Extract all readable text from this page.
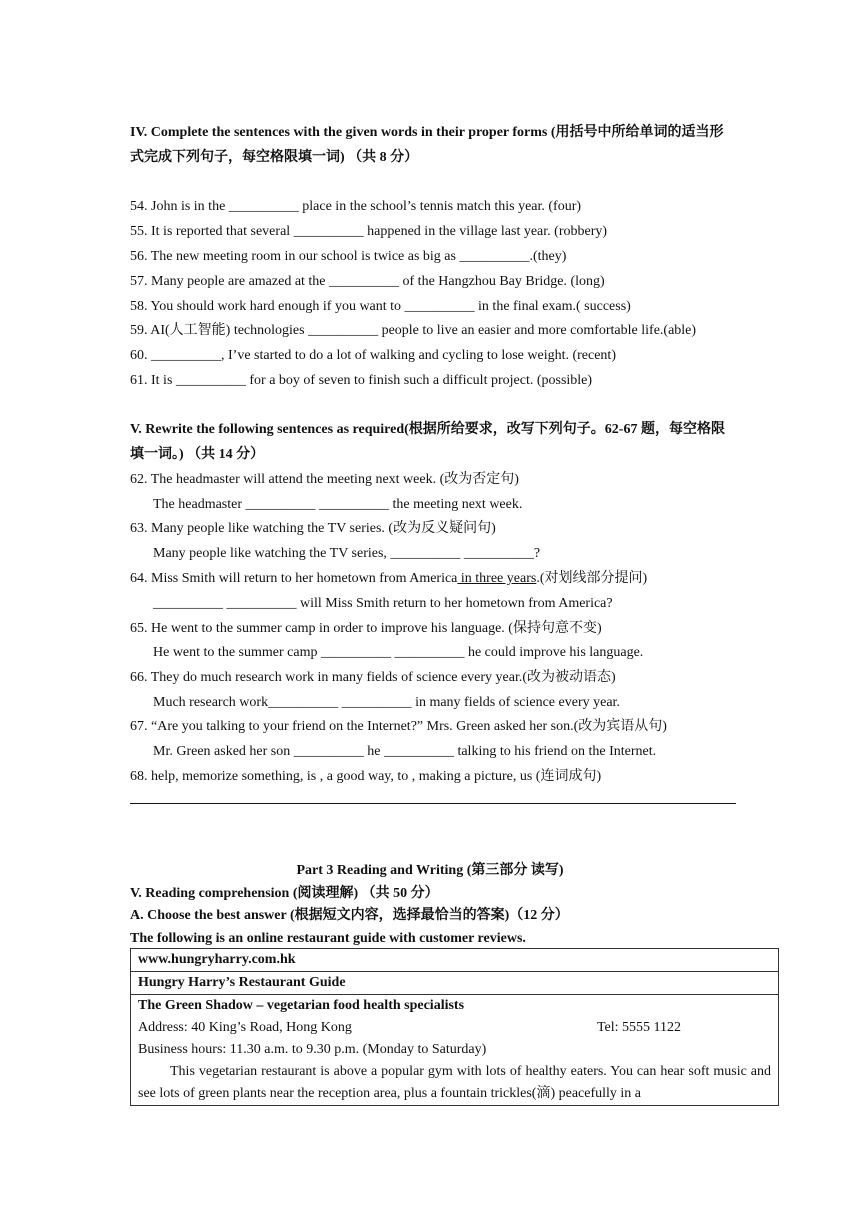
IV. Complete the sentences with the given words in their proper forms (用括号中所给单词的适当形
式完成下列句子，每空格限填一词) （共 8 分）
54. John is in the __________ place in the school’s tennis match this year. (four)
55. It is reported that several __________ happened in the village last year. (robbery)
56. The new meeting room in our school is twice as big as __________.(they)
57. Many people are amazed at the __________ of the Hangzhou Bay Bridge. (long)
58. You should work hard enough if you want to __________ in the final exam.( success)
59. AI(人工智能) technologies __________ people to live an easier and more comfortable life.(able)
60. __________, I’ve started to do a lot of walking and cycling to lose weight. (recent)
61. It is __________ for a boy of seven to finish such a difficult project. (possible)
V. Rewrite the following sentences as required(根据所给要求，改写下列句子。62-67 题，每空格限
填一词。) （共 14 分）
62. The headmaster will attend the meeting next week. (改为否定句)
The headmaster __________ __________ the meeting next week.
63. Many people like watching the TV series. (改为反义疑问句)
Many people like watching the TV series, __________ __________?
64. Miss Smith will return to her hometown from America in three years.(对划线部分提问)
__________ __________ will Miss Smith return to her hometown from America?
65. He went to the summer camp in order to improve his language. (保持句意不变)
He went to the summer camp __________ __________ he could improve his language.
66. They do much research work in many fields of science every year.(改为被动语态)
Much research work__________ __________ in many fields of science every year.
67. “Are you talking to your friend on the Internet?” Mrs. Green asked her son.(改为宾语从句)
Mr. Green asked her son __________ he __________ talking to his friend on the Internet.
68. help, memorize something, is , a good way, to , making a picture, us (连词成句)
Part 3 Reading and Writing (第三部分 读写)
V. Reading comprehension (阅读理解) （共 50 分）
A. Choose the best answer (根据短文内容，选择最恰当的答案)（12 分）
The following is an online restaurant guide with customer reviews.
www.hungryharry.com.hk
Hungry Harry’s Restaurant Guide

The Green Shadow – vegetarian food health specialists
Address: 40 King’s Road, Hong Kong	Tel: 5555 1122
Business hours: 11.30 a.m. to 9.30 p.m. (Monday to Saturday)
This vegetarian restaurant is above a popular gym with lots of healthy eaters. You can hear soft music and see lots of green plants near the reception area, plus a fountain trickles(滴) peacefully in a
